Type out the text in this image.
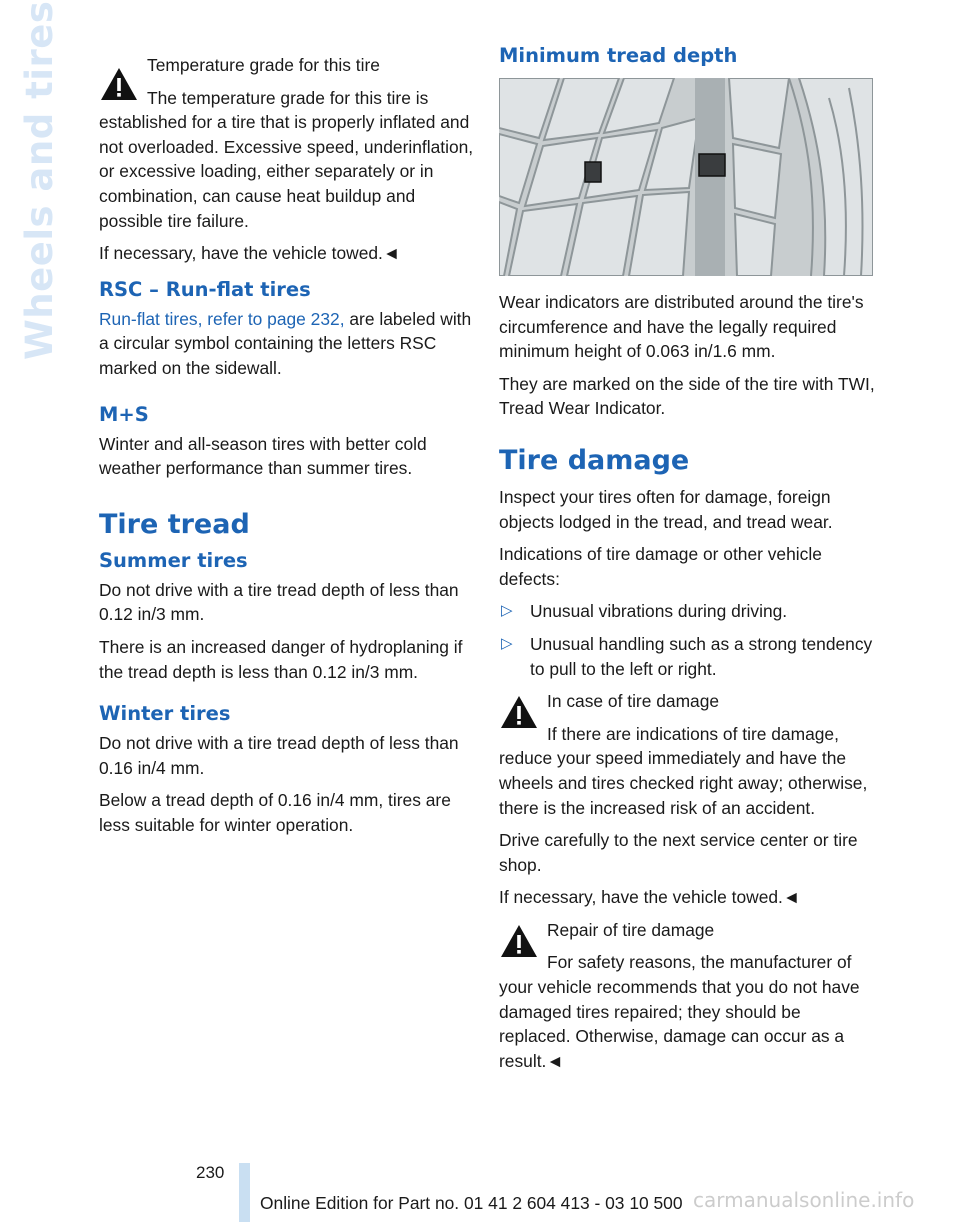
Wheels and tires	Temperature grade for this tire

The temperature grade for this tire is established for a tire that is properly inflated and not overloaded. Excessive speed, underinflation, or excessive loading, either separately or in combination, can cause heat buildup and possible tire failure.

If necessary, have the vehicle towed.◄

RSC – Run-flat tires

Run-flat tires, refer to page 232, are labeled with a circular symbol containing the letters RSC marked on the sidewall.

M+S

Winter and all-season tires with better cold weather performance than summer tires.

Tire tread
Summer tires

Do not drive with a tire tread depth of less than 0.12 in/3 mm.

There is an increased danger of hydroplaning if the tread depth is less than 0.12 in/3 mm.

Winter tires

Do not drive with a tire tread depth of less than 0.16 in/4 mm.

Below a tread depth of 0.16 in/4 mm, tires are less suitable for winter operation.

Minimum tread depth

Wear indicators are distributed around the tire's circumference and have the legally required minimum height of 0.063 in/1.6 mm.

They are marked on the side of the tire with TWI, Tread Wear Indicator.

Tire damage

Inspect your tires often for damage, foreign objects lodged in the tread, and tread wear.

Indications of tire damage or other vehicle defects:

▷ Unusual vibrations during driving.
▷ Unusual handling such as a strong tendency to pull to the left or right.

In case of tire damage

If there are indications of tire damage, reduce your speed immediately and have the wheels and tires checked right away; otherwise, there is the increased risk of an accident.

Drive carefully to the next service center or tire shop.

If necessary, have the vehicle towed.◄

Repair of tire damage

For safety reasons, the manufacturer of your vehicle recommends that you do not have damaged tires repaired; they should be replaced. Otherwise, damage can occur as a result.◄

230
Online Edition for Part no. 01 41 2 604 413 - 03 10 500 carmanualsonline.info
